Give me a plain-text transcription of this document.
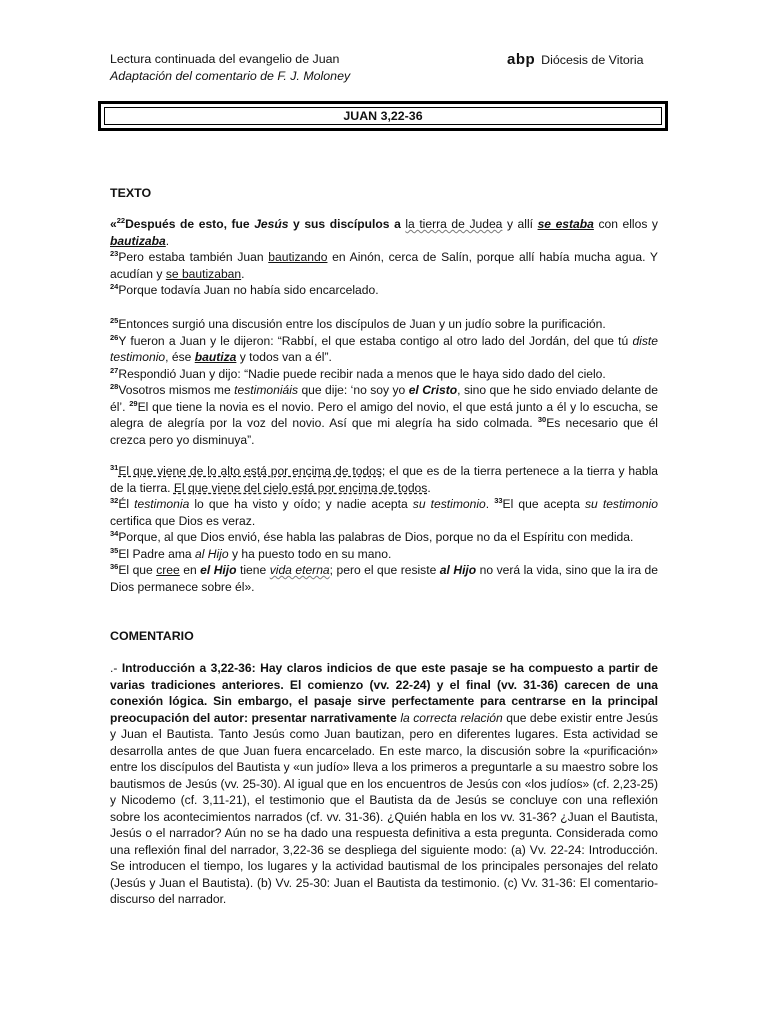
Lectura continuada del evangelio de Juan
Adaptación del comentario de F. J. Moloney
abp Diócesis de Vitoria
JUAN 3,22-36
TEXTO

«$^{22}$Después de esto, fue Jesús y sus discípulos a la tierra de Judea y allí se estaba con ellos y bautizaba.

$^{23}$Pero estaba también Juan bautizando en Ainón, cerca de Salín, porque allí había mucha agua. Y acudían y se bautizaban.

$^{24}$Porque todavía Juan no había sido encarcelado.

$^{25}$Entonces surgió una discusión entre los discípulos de Juan y un judío sobre la purificación.

$^{26}$Y fueron a Juan y le dijeron: “Rabbí, el que estaba contigo al otro lado del Jordán, del que tú diste testimonio, ése bautiza y todos van a él”.

$^{27}$Respondió Juan y dijo: “Nadie puede recibir nada a menos que le haya sido dado del cielo.

$^{28}$Vosotros mismos me testimoniáis que dije: ‘no soy yo el Cristo, sino que he sido enviado delante de él’. $^{29}$El que tiene la novia es el novio. Pero el amigo del novio, el que está junto a él y lo escucha, se alegra de alegría por la voz del novio. Así que mi alegría ha sido colmada. $^{30}$Es necesario que él crezca pero yo disminuya”.

$^{31}$El que viene de lo alto está por encima de todos; el que es de la tierra pertenece a la tierra y habla de la tierra. El que viene del cielo está por encima de todos.

$^{32}$Él testimonia lo que ha visto y oído; y nadie acepta su testimonio. $^{33}$El que acepta su testimonio certifica que Dios es veraz.

$^{34}$Porque, al que Dios envió, ése habla las palabras de Dios, porque no da el Espíritu con medida.

$^{35}$El Padre ama al Hijo y ha puesto todo en su mano.

$^{36}$El que cree en el Hijo tiene vida eterna; pero el que resiste al Hijo no verá la vida, sino que la ira de Dios permanece sobre él».

COMENTARIO

.- Introducción a 3,22-36: Hay claros indicios de que este pasaje se ha compuesto a partir de varias tradiciones anteriores. El comienzo (vv. 22-24) y el final (vv. 31-36) carecen de una conexión lógica. Sin embargo, el pasaje sirve perfectamente para centrarse en la principal preocupación del autor: presentar narrativamente la correcta relación que debe existir entre Jesús y Juan el Bautista. Tanto Jesús como Juan bautizan, pero en diferentes lugares. Esta actividad se desarrolla antes de que Juan fuera encarcelado. En este marco, la discusión sobre la «purificación» entre los discípulos del Bautista y «un judío» lleva a los primeros a preguntarle a su maestro sobre los bautismos de Jesús (vv. 25-30). Al igual que en los encuentros de Jesús con «los judíos» (cf. 2,23-25) y Nicodemo (cf. 3,11-21), el testimonio que el Bautista da de Jesús se concluye con una reflexión sobre los acontecimientos narrados (cf. vv. 31-36). ¿Quién habla en los vv. 31-36? ¿Juan el Bautista, Jesús o el narrador? Aún no se ha dado una respuesta definitiva a esta pregunta. Considerada como una reflexión final del narrador, 3,22-36 se despliega del siguiente modo: (a) Vv. 22-24: Introducción. Se introducen el tiempo, los lugares y la actividad bautismal de los principales personajes del relato (Jesús y Juan el Bautista). (b) Vv. 25-30: Juan el Bautista da testimonio. (c) Vv. 31-36: El comentario-discurso del narrador.
